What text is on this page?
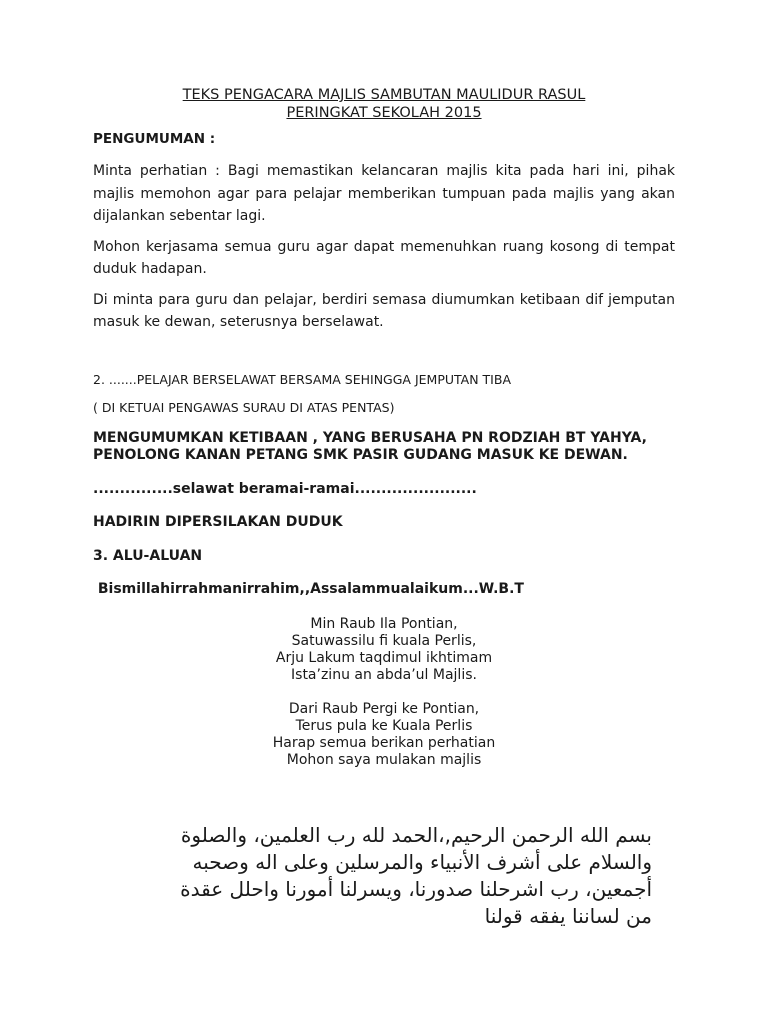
TEKS PENGACARA MAJLIS SAMBUTAN MAULIDUR RASUL
PERINGKAT SEKOLAH 2015
PENGUMUMAN :

Minta perhatian : Bagi memastikan kelancaran majlis kita pada hari ini, pihak majlis memohon agar para pelajar memberikan tumpuan pada majlis yang akan dijalankan sebentar lagi.

Mohon kerjasama semua guru agar dapat memenuhkan ruang kosong di tempat duduk hadapan.

Di minta para guru dan pelajar, berdiri semasa diumumkan ketibaan dif jemputan masuk ke dewan, seterusnya berselawat.

2. .......PELAJAR BERSELAWAT BERSAMA SEHINGGA JEMPUTAN TIBA

( DI KETUAI PENGAWAS SURAU DI ATAS PENTAS)

MENGUMUMKAN KETIBAAN , YANG BERUSAHA PN RODZIAH BT YAHYA, PENOLONG KANAN PETANG SMK PASIR GUDANG MASUK KE DEWAN.

...............selawat beramai-ramai.......................

HADIRIN DIPERSILAKAN DUDUK

3. ALU-ALUAN

Bismillahirrahmanirrahim,,Assalammualaikum...W.B.T

Min Raub Ila Pontian,

Satuwassilu fi kuala Perlis,

Arju Lakum taqdimul ikhtimam

Ista’zinu an abda’ul Majlis.

Dari Raub Pergi ke Pontian,

Terus pula ke Kuala Perlis

Harap semua berikan perhatian

Mohon saya mulakan majlis

بسم الله الرحمن الرحيم,،الحمد لله رب العلمين، والصلوة
والسلام على أشرف الأنبياء والمرسلين وعلى اله وصحبه
أجمعين، رب اشرحلنا صدورنا، ويسرلنا أمورنا واحلل عقدة
من لساننا يفقه قولنا
